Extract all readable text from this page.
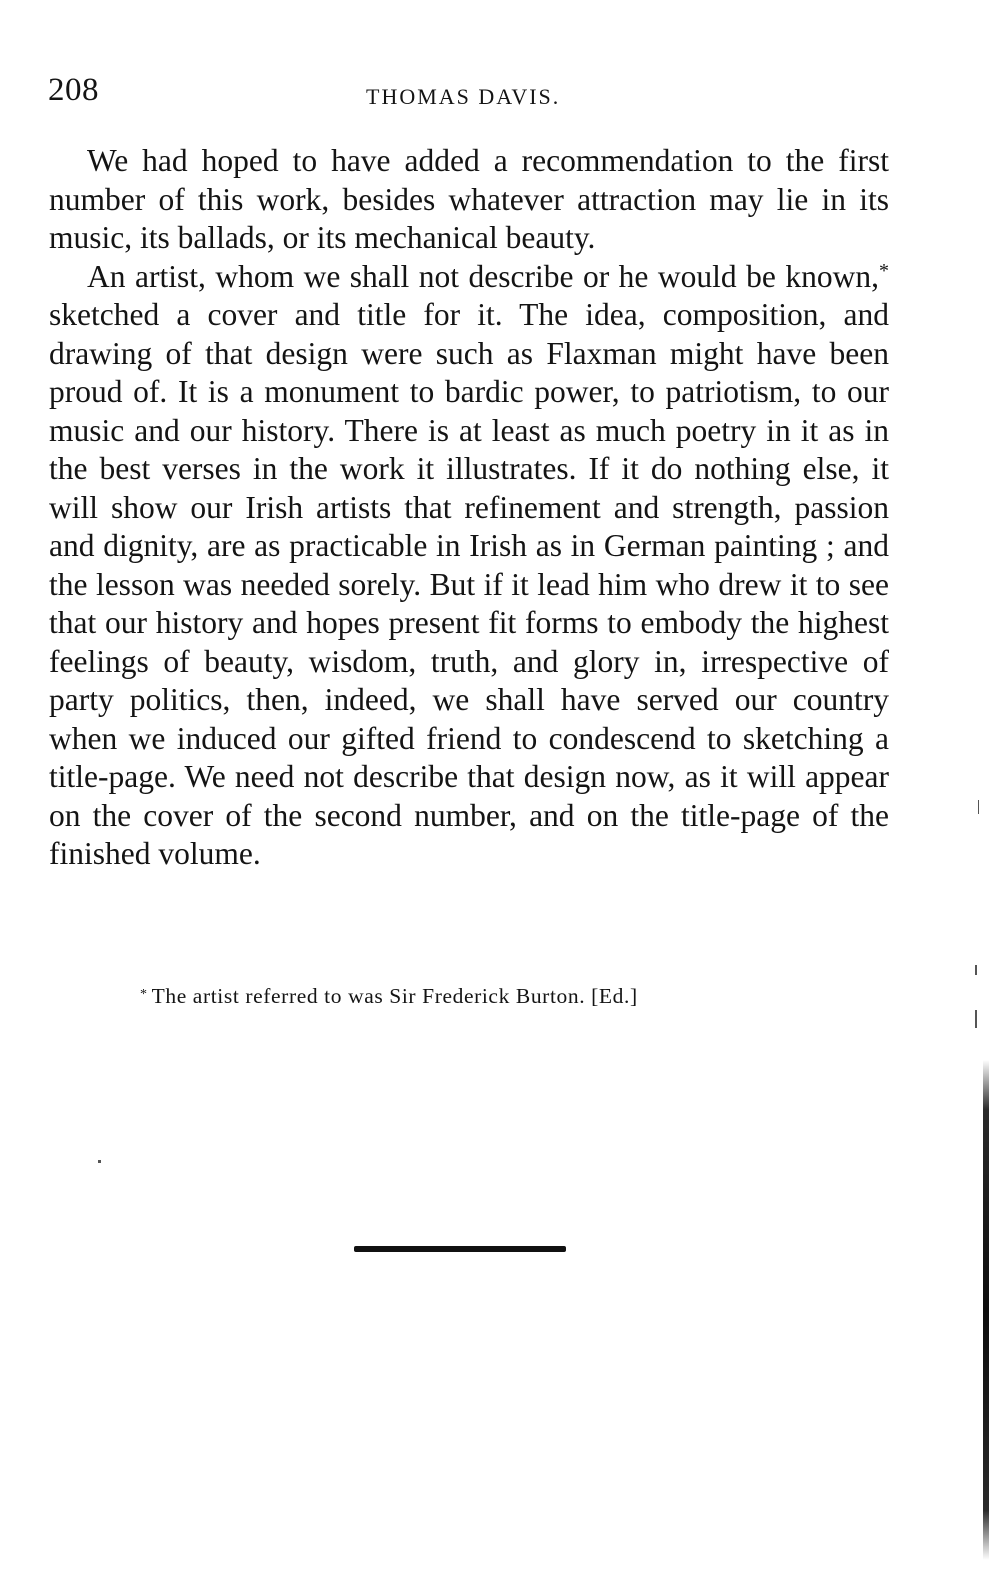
208	THOMAS DAVIS.

We had hoped to have added a recommendation to the first number of this work, besides whatever attraction may lie in its music, its ballads, or its mechanical beauty.

An artist, whom we shall not describe or he would be known,* sketched a cover and title for it. The idea, composition, and drawing of that design were such as Flaxman might have been proud of. It is a monument to bardic power, to patriotism, to our music and our history. There is at least as much poetry in it as in the best verses in the work it illustrates. If it do nothing else, it will show our Irish artists that refinement and strength, passion and dignity, are as practicable in Irish as in German painting ; and the lesson was needed sorely. But if it lead him who drew it to see that our history and hopes present fit forms to embody the highest feelings of beauty, wisdom, truth, and glory in, irrespective of party politics, then, indeed, we shall have served our country when we induced our gifted friend to condescend to sketching a title-page. We need not describe that design now, as it will appear on the cover of the second number, and on the title-page of the finished volume.

* The artist referred to was Sir Frederick Burton. [Ed.]
